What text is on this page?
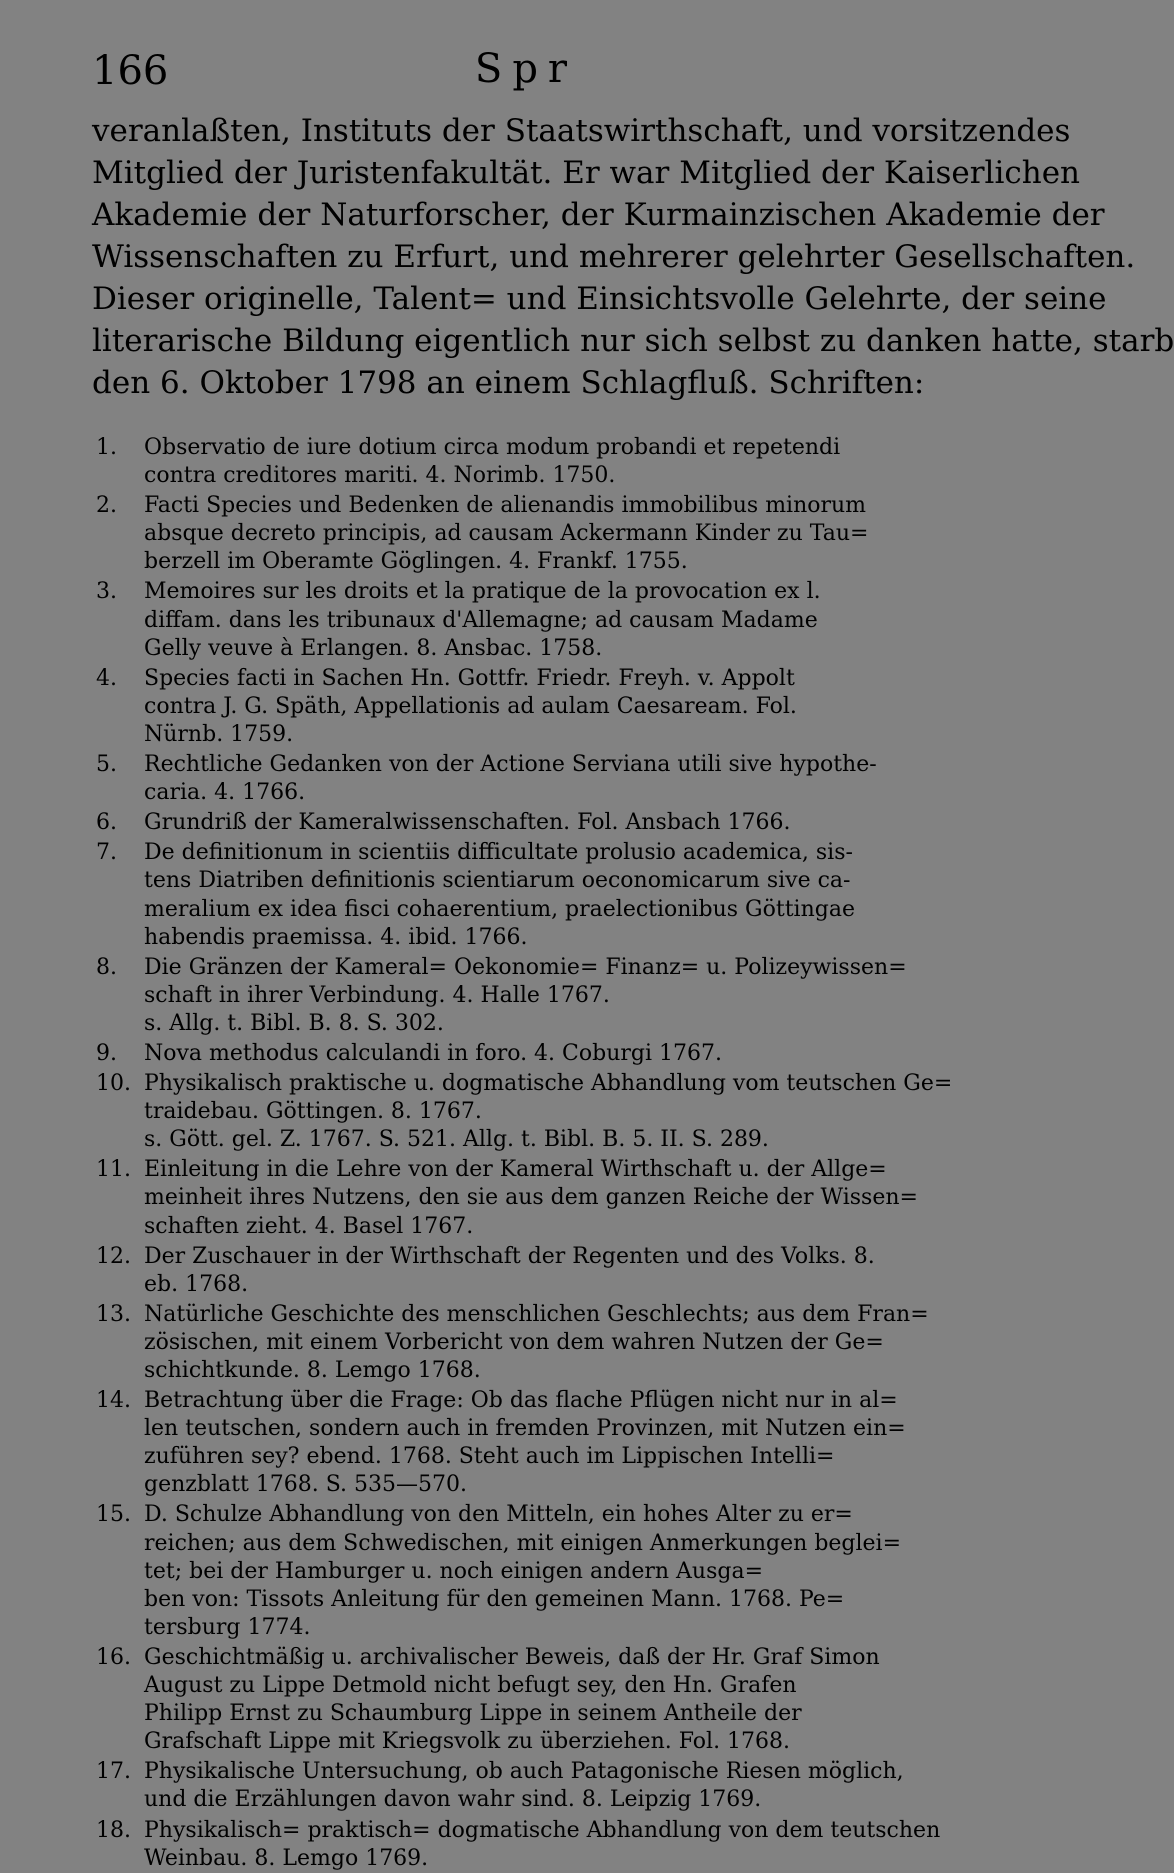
166	Spr
veranlaßten, Instituts der Staatswirthschaft, und vorsitzendes
Mitglied der Juristenfakultät. Er war Mitglied der Kaiserlichen
Akademie der Naturforscher, der Kurmainzischen Akademie der
Wissenschaften zu Erfurt, und mehrerer gelehrter Gesellschaften.
Dieser originelle, Talent= und Einsichtsvolle Gelehrte, der seine
literarische Bildung eigentlich nur sich selbst zu danken hatte, starb
den 6. Oktober 1798 an einem Schlagfluß. Schriften:
1. Observatio de iure dotium circa modum probandi et repetendi
contra creditores mariti. 4. Norimb. 1750.
2. Facti Species und Bedenken de alienandis immobilibus minorum
absque decreto principis, ad causam Ackermann Kinder zu Tau=
berzell im Oberamte Göglingen. 4. Frankf. 1755.
3. Memoires sur les droits et la pratique de la provocation ex l.
diffam. dans les tribunaux d'Allemagne; ad causam Madame
Gelly veuve à Erlangen. 8. Ansbac. 1758.
4. Species facti in Sachen Hn. Gottfr. Friedr. Freyh. v. Appolt
contra J. G. Späth, Appellationis ad aulam Caesaream. Fol.
Nürnb. 1759.
5. Rechtliche Gedanken von der Actione Serviana utili sive hypothe-
caria. 4. 1766.
6. Grundriß der Kameralwissenschaften. Fol. Ansbach 1766.
7. De definitionum in scientiis difficultate prolusio academica, sis-
tens Diatriben definitionis scientiarum oeconomicarum sive ca-
meralium ex idea fisci cohaerentium, praelectionibus Göttingae
habendis praemissa. 4. ibid. 1766.
8. Die Gränzen der Kameral= Oekonomie= Finanz= u. Polizeywissen=
schaft in ihrer Verbindung. 4. Halle 1767.
s. Allg. t. Bibl. B. 8. S. 302.
9. Nova methodus calculandi in foro. 4. Coburgi 1767.
10. Physikalisch praktische u. dogmatische Abhandlung vom teutschen Ge=
traidebau. Göttingen. 8. 1767.
s. Gött. gel. Z. 1767. S. 521. Allg. t. Bibl. B. 5. II. S. 289.
11. Einleitung in die Lehre von der Kameral Wirthschaft u. der Allge=
meinheit ihres Nutzens, den sie aus dem ganzen Reiche der Wissen=
schaften zieht. 4. Basel 1767.
12. Der Zuschauer in der Wirthschaft der Regenten und des Volks. 8.
eb. 1768.
13. Natürliche Geschichte des menschlichen Geschlechts; aus dem Fran=
zösischen, mit einem Vorbericht von dem wahren Nutzen der Ge=
schichtkunde. 8. Lemgo 1768.
14. Betrachtung über die Frage: Ob das flache Pflügen nicht nur in al=
len teutschen, sondern auch in fremden Provinzen, mit Nutzen ein=
zuführen sey? ebend. 1768. Steht auch im Lippischen Intelli=
genzblatt 1768. S. 535—570.
15. D. Schulze Abhandlung von den Mitteln, ein hohes Alter zu er=
reichen; aus dem Schwedischen, mit einigen Anmerkungen beglei=
tet; bei der Hamburger u. noch einigen andern Ausga=
ben von: Tissots Anleitung für den gemeinen Mann. 1768. Pe=
tersburg 1774.
16. Geschichtmäßig u. archivalischer Beweis, daß der Hr. Graf Simon
August zu Lippe Detmold nicht befugt sey, den Hn. Grafen
Philipp Ernst zu Schaumburg Lippe in seinem Antheile der
Grafschaft Lippe mit Kriegsvolk zu überziehen. Fol. 1768.
17. Physikalische Untersuchung, ob auch Patagonische Riesen möglich,
und die Erzählungen davon wahr sind. 8. Leipzig 1769.
18. Physikalisch= praktisch= dogmatische Abhandlung von dem teutschen
Weinbau. 8. Lemgo 1769.
